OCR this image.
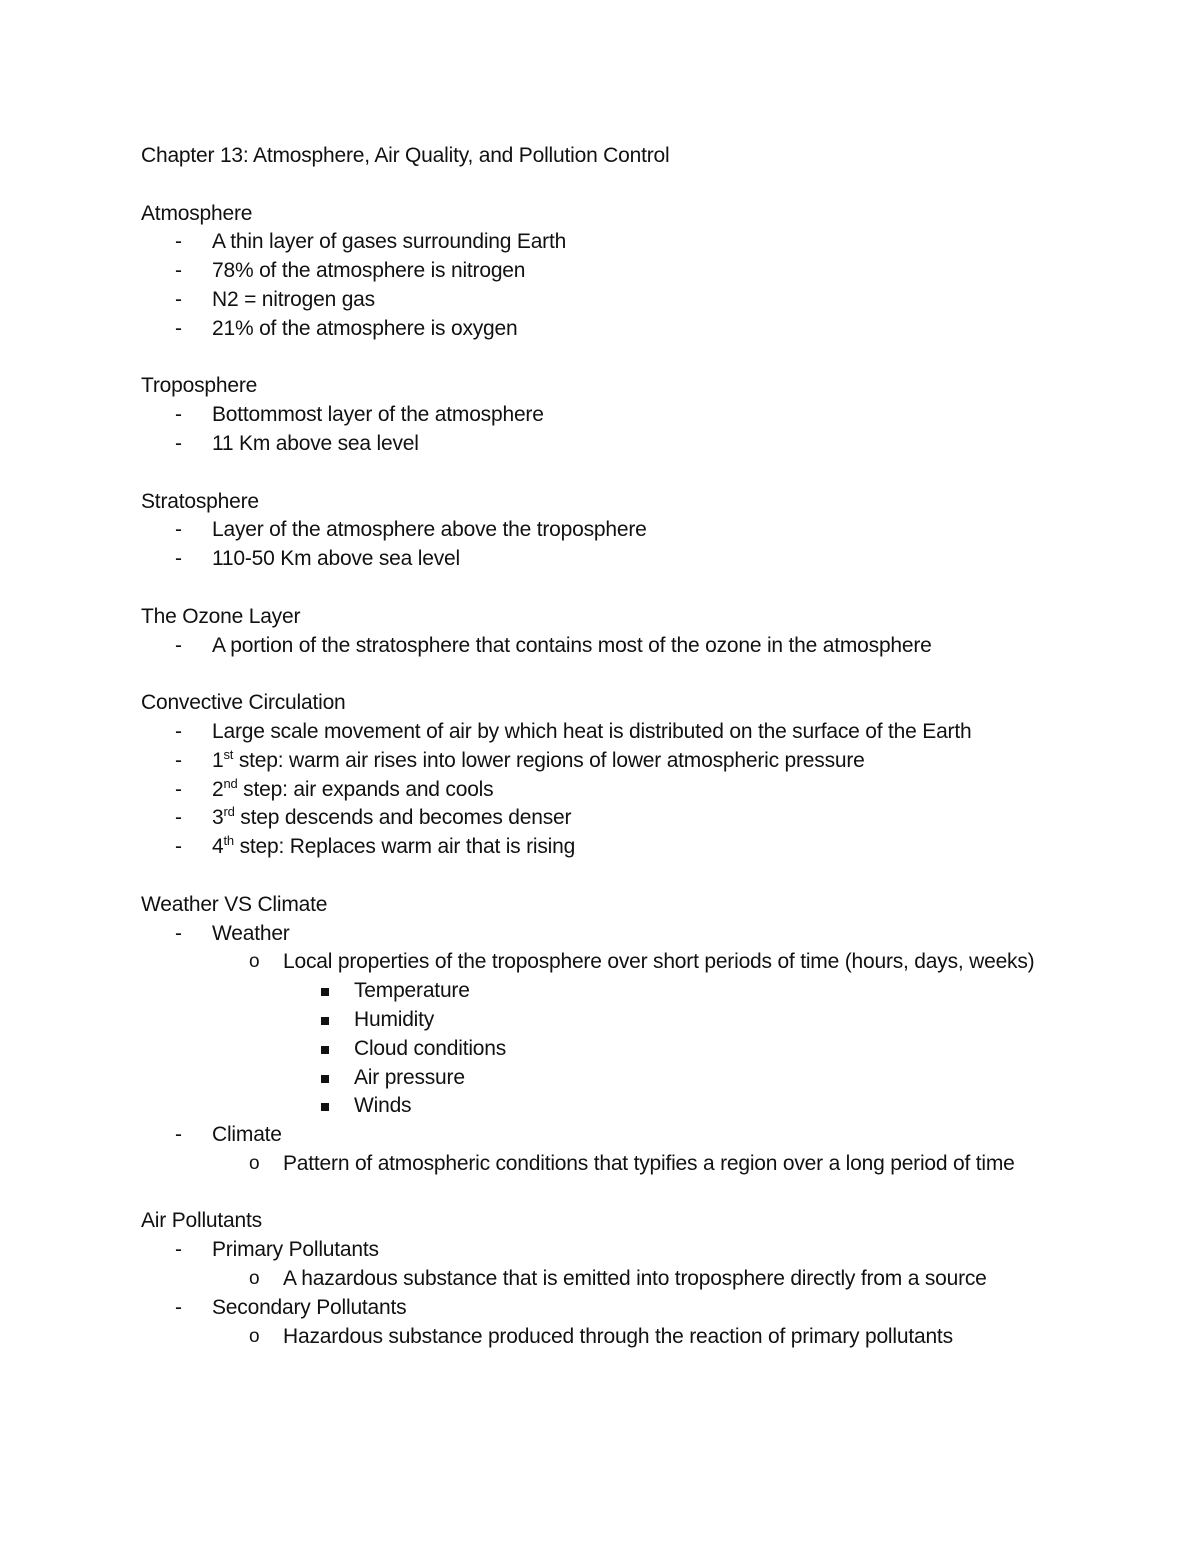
Chapter 13: Atmosphere, Air Quality, and Pollution Control

Atmosphere

- A thin layer of gases surrounding Earth
- 78% of the atmosphere is nitrogen
- N2 = nitrogen gas
- 21% of the atmosphere is oxygen

Troposphere

- Bottommost layer of the atmosphere
- 11 Km above sea level

Stratosphere

- Layer of the atmosphere above the troposphere
- 110-50 Km above sea level

The Ozone Layer

- A portion of the stratosphere that contains most of the ozone in the atmosphere

Convective Circulation

- Large scale movement of air by which heat is distributed on the surface of the Earth
- 1st step: warm air rises into lower regions of lower atmospheric pressure
- 2nd step: air expands and cools
- 3rd step descends and becomes denser
- 4th step: Replaces warm air that is rising

Weather VS Climate

- Weather
o Local properties of the troposphere over short periods of time (hours, days, weeks)
Temperature
Humidity
Cloud conditions
Air pressure
Winds
- Climate
o Pattern of atmospheric conditions that typifies a region over a long period of time

Air Pollutants

- Primary Pollutants
o A hazardous substance that is emitted into troposphere directly from a source
- Secondary Pollutants
o Hazardous substance produced through the reaction of primary pollutants
